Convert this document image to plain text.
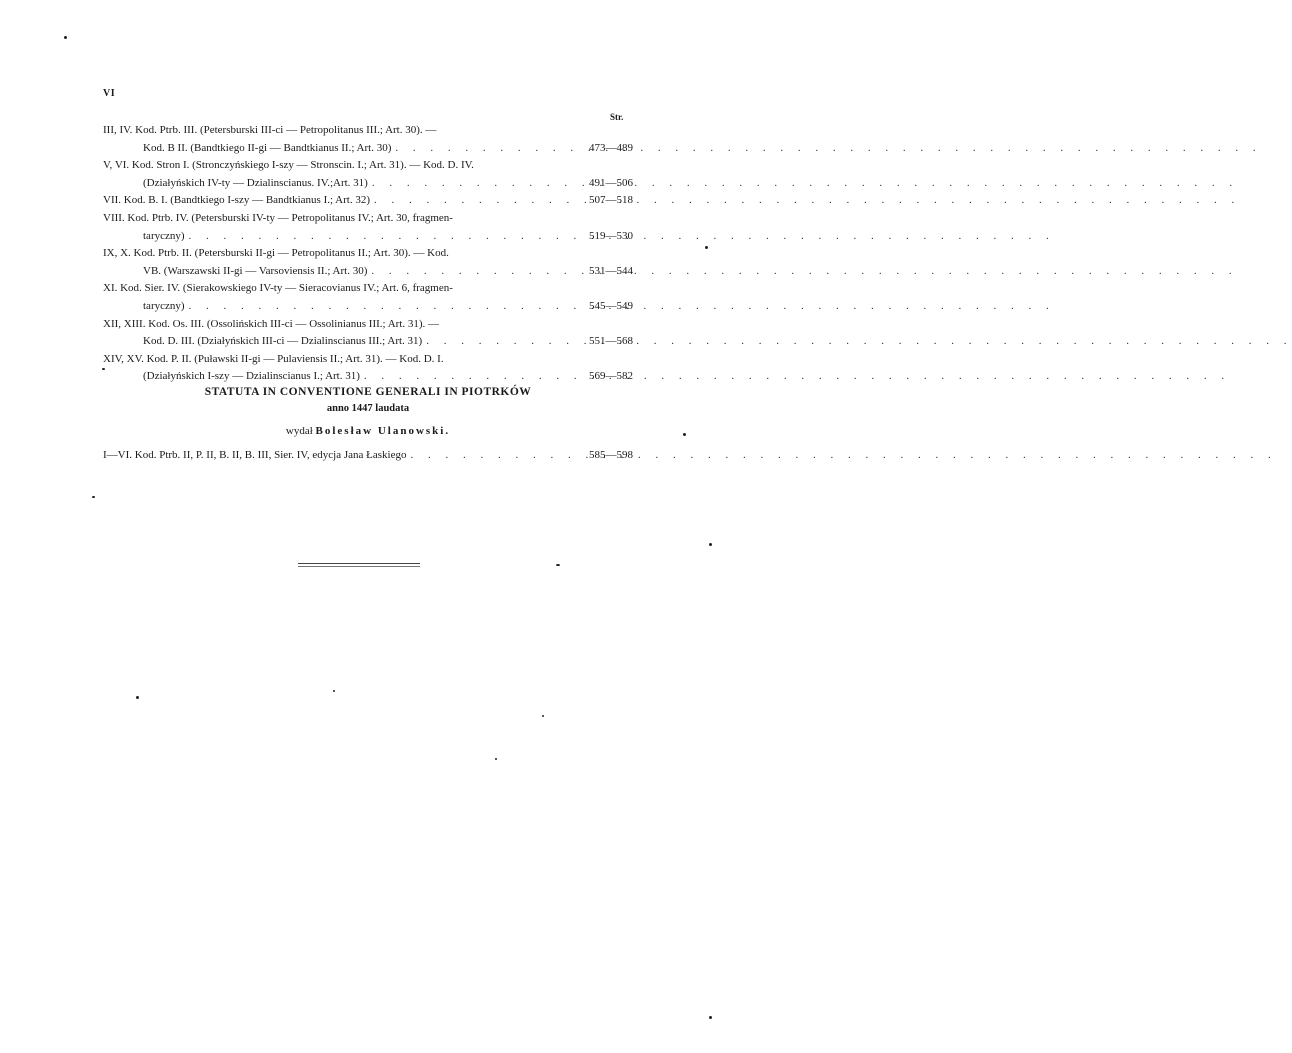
VI
Str.
III, IV. Kod. Ptrb. III. (Petersburski III-ci — Petropolitanus III.; Art. 30). —
Kod. B II. (Bandtkiego II-gi — Bandtkianus II.; Art. 30) . . .	473—489
V, VI. Kod. Stron I. (Stronczyńskiego I-szy — Stronscin. I.; Art. 31). — Kod. D. IV.
(Działyńskich IV-ty — Dzialinscianus. IV.;Art. 31) . . .	491—506
VII. Kod. B. I. (Bandtkiego I-szy — Bandtkianus I.; Art. 32) . . .	507—518
VIII. Kod. Ptrb. IV. (Petersburski IV-ty — Petropolitanus IV.; Art. 30, fragmen-
taryczny) . . .	519—530
IX, X. Kod. Ptrb. II. (Petersburski II-gi — Petropolitanus II.; Art. 30). — Kod.
VB. (Warszawski II-gi — Varsoviensis II.; Art. 30) . . .	531—544
XI. Kod. Sier. IV. (Sierakowskiego IV-ty — Sieracovianus IV.; Art. 6, fragmen-
taryczny) . . .	545—549
XII, XIII. Kod. Os. III. (Ossolińskich III-ci — Ossolinianus III.; Art. 31). —
Kod. D. III. (Działyńskich III-ci — Dzialinscianus III.; Art. 31) . . .	551—568
XIV, XV. Kod. P. II. (Puławski II-gi — Pulaviensis II.; Art. 31). — Kod. D. I.
(Działyńskich I-szy — Dzialinscianus I.; Art. 31) . . .	569—582
STATUTA IN CONVENTIONE GENERALI IN PIOTRKÓW
anno 1447 laudata
wydał Bolesław Ulanowski.
I—VI. Kod. Ptrb. II, P. II, B. II, B. III, Sier. IV, edycja Jana Łaskiego . . .	585—598
